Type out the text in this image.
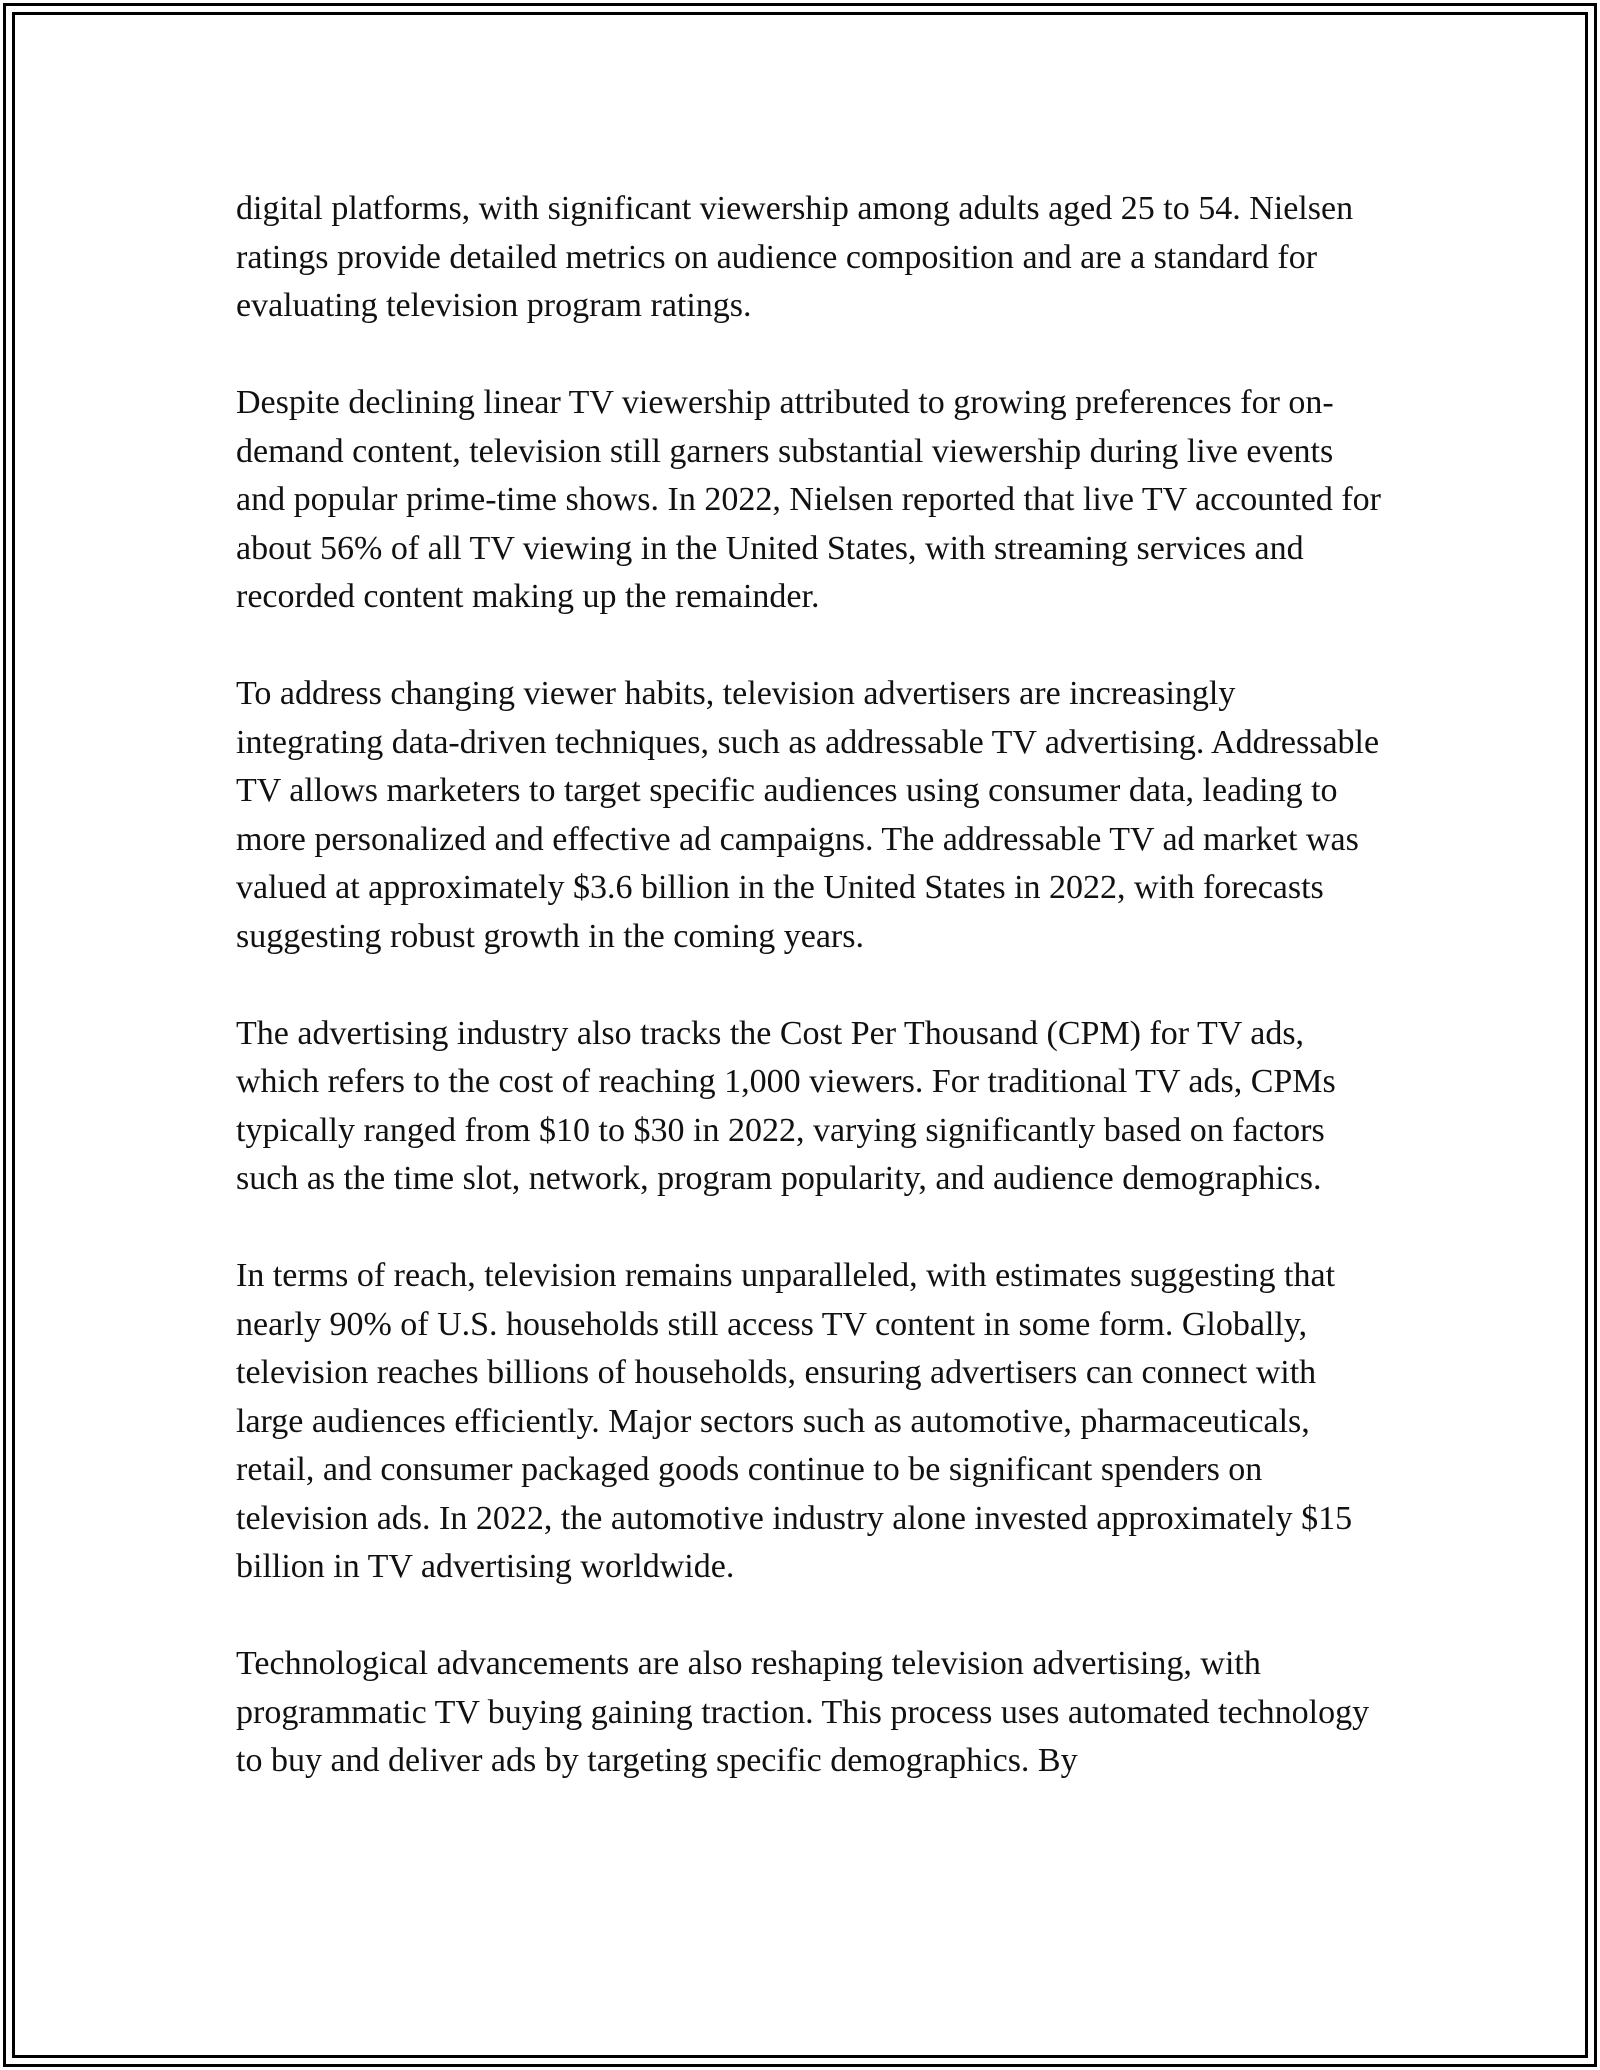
digital platforms, with significant viewership among adults aged 25 to 54. Nielsen ratings provide detailed metrics on audience composition and are a standard for evaluating television program ratings.

Despite declining linear TV viewership attributed to growing preferences for on-demand content, television still garners substantial viewership during live events and popular prime-time shows. In 2022, Nielsen reported that live TV accounted for about 56% of all TV viewing in the United States, with streaming services and recorded content making up the remainder.

To address changing viewer habits, television advertisers are increasingly integrating data-driven techniques, such as addressable TV advertising. Addressable TV allows marketers to target specific audiences using consumer data, leading to more personalized and effective ad campaigns. The addressable TV ad market was valued at approximately $3.6 billion in the United States in 2022, with forecasts suggesting robust growth in the coming years.

The advertising industry also tracks the Cost Per Thousand (CPM) for TV ads, which refers to the cost of reaching 1,000 viewers. For traditional TV ads, CPMs typically ranged from $10 to $30 in 2022, varying significantly based on factors such as the time slot, network, program popularity, and audience demographics.

In terms of reach, television remains unparalleled, with estimates suggesting that nearly 90% of U.S. households still access TV content in some form. Globally, television reaches billions of households, ensuring advertisers can connect with large audiences efficiently. Major sectors such as automotive, pharmaceuticals, retail, and consumer packaged goods continue to be significant spenders on television ads. In 2022, the automotive industry alone invested approximately $15 billion in TV advertising worldwide.

Technological advancements are also reshaping television advertising, with programmatic TV buying gaining traction. This process uses automated technology to buy and deliver ads by targeting specific demographics. By
